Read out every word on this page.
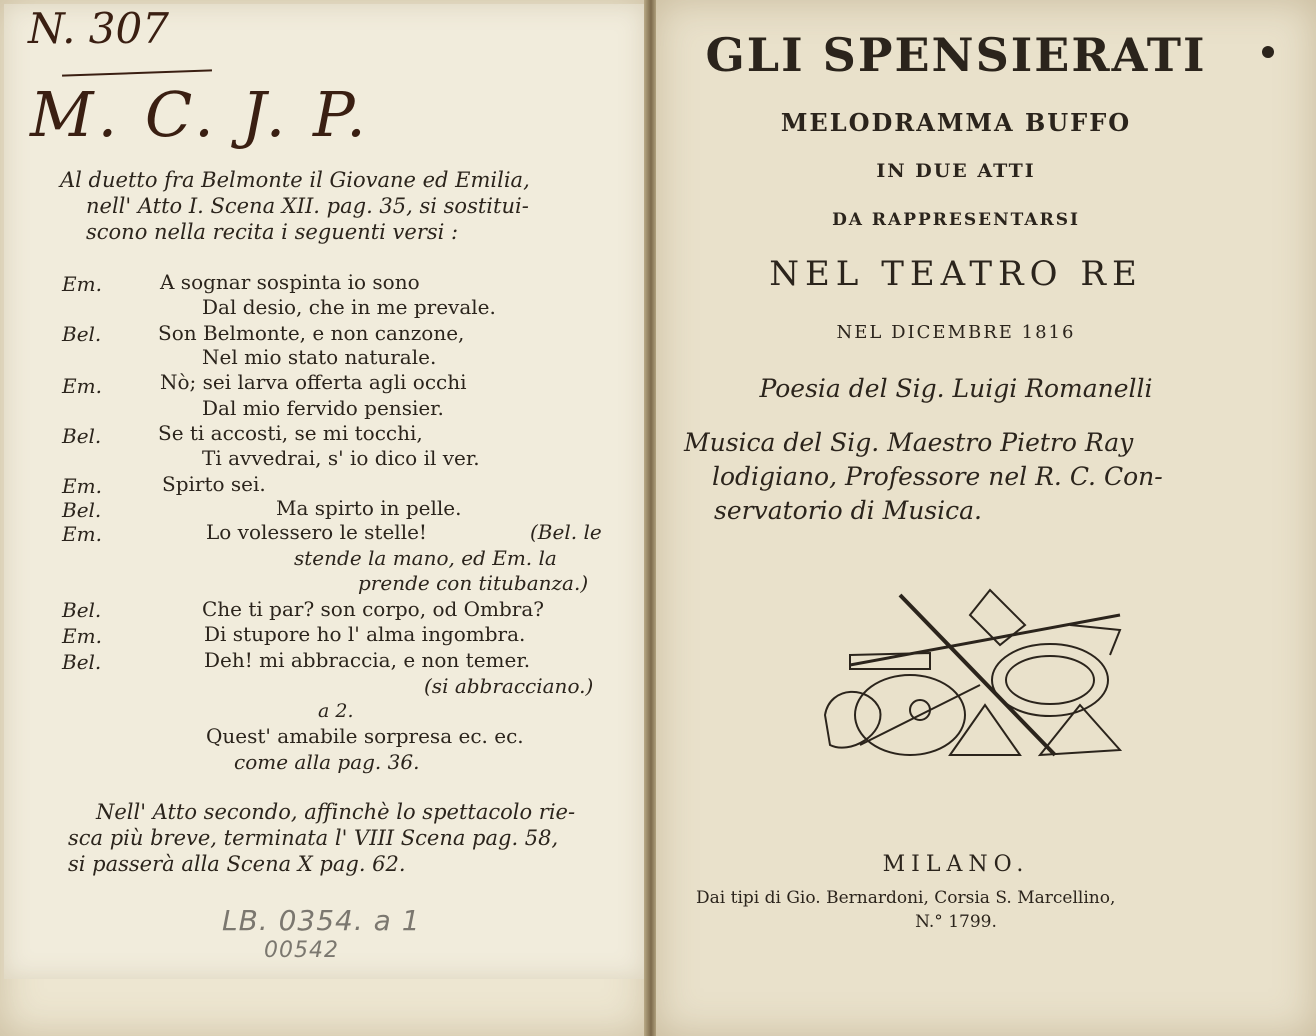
N. 307
M. C. J. P.
Al duetto fra Belmonte il Giovane ed Emilia,
nell' Atto I. Scena XII. pag. 35, si sostitui-
scono nella recita i seguenti versi :
Em.	A sognar sospinta io sono
Dal desio, che in me prevale.
Bel.	Son Belmonte, e non canzone,
Nel mio stato naturale.
Em.	Nò; sei larva offerta agli occhi
Dal mio fervido pensier.
Bel.	Se ti accosti, se mi tocchi,
Ti avvedrai, s' io dico il ver.
Em.	Spirto sei.
Bel.	Ma spirto in pelle.
Em.	Lo volessero le stelle!	(Bel. le
stende la mano, ed Em. la
prende con titubanza.)
Bel.	Che ti par? son corpo, od Ombra?
Em.	Di stupore ho l' alma ingombra.
Bel.	Deh! mi abbraccia, e non temer.
(si abbracciano.)
a 2.
Quest' amabile sorpresa ec. ec.
come alla pag. 36.
Nell' Atto secondo, affinchè lo spettacolo rie-
sca più breve, terminata l' VIII Scena pag. 58,
si passerà alla Scena X pag. 62.
LB. 0354. a 1
00542
GLI SPENSIERATI
MELODRAMMA BUFFO
IN DUE ATTI
DA RAPPRESENTARSI
NEL TEATRO RE
NEL DICEMBRE 1816
Poesia del Sig. Luigi Romanelli
Musica del Sig. Maestro Pietro Ray
lodigiano, Professore nel R. C. Con-
servatorio di Musica.
MILANO.
Dai tipi di Gio. Bernardoni, Corsia S. Marcellino,
N.° 1799.
